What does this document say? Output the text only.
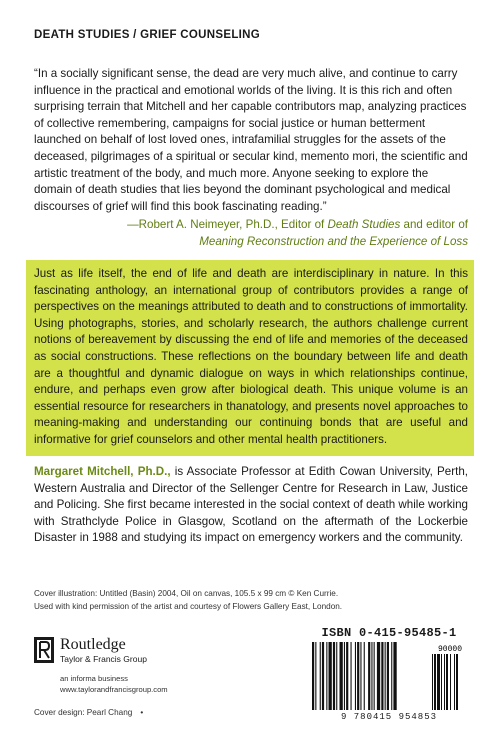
DEATH STUDIES / GRIEF COUNSELING
“In a socially significant sense, the dead are very much alive, and continue to carry influence in the practical and emotional worlds of the living. It is this rich and often surprising terrain that Mitchell and her capable contributors map, analyzing practices of collective remembering, campaigns for social justice or human betterment launched on behalf of lost loved ones, intrafamilial struggles for the assets of the deceased, pilgrimages of a spiritual or secular kind, memento mori, the scientific and artistic treatment of the body, and much more. Anyone seeking to explore the domain of death studies that lies beyond the dominant psychological and medical discourses of grief will find this book fascinating reading.”
—Robert A. Neimeyer, Ph.D., Editor of Death Studies and editor of
Meaning Reconstruction and the Experience of Loss
Just as life itself, the end of life and death are interdisciplinary in nature. In this fascinating anthology, an international group of contributors provides a range of perspectives on the meanings attributed to death and to constructions of immortality. Using photographs, stories, and scholarly research, the authors challenge current notions of bereavement by discussing the end of life and memories of the deceased as social constructions. These reflections on the boundary between life and death are a thoughtful and dynamic dialogue on ways in which relationships continue, endure, and perhaps even grow after biological death. This unique volume is an essential resource for researchers in thanatology, and presents novel approaches to meaning-making and understanding our continuing bonds that are useful and informative for grief counselors and other mental health practitioners.
Margaret Mitchell, Ph.D., is Associate Professor at Edith Cowan University, Perth, Western Australia and Director of the Sellenger Centre for Research in Law, Justice and Policing. She first became interested in the social context of death while working with Strathclyde Police in Glasgow, Scotland on the aftermath of the Lockerbie Disaster in 1988 and studying its impact on emergency workers and the community.
Cover illustration: Untitled (Basin) 2004, Oil on canvas, 105.5 x 99 cm © Ken Currie.
Used with kind permission of the artist and courtesy of Flowers Gallery East, London.
Routledge
Taylor & Francis Group
an informa business
www.taylorandfrancisgroup.com
Cover design: Pearl Chang •
ISBN 0-415-95485-1
90000
9 780415 954853
